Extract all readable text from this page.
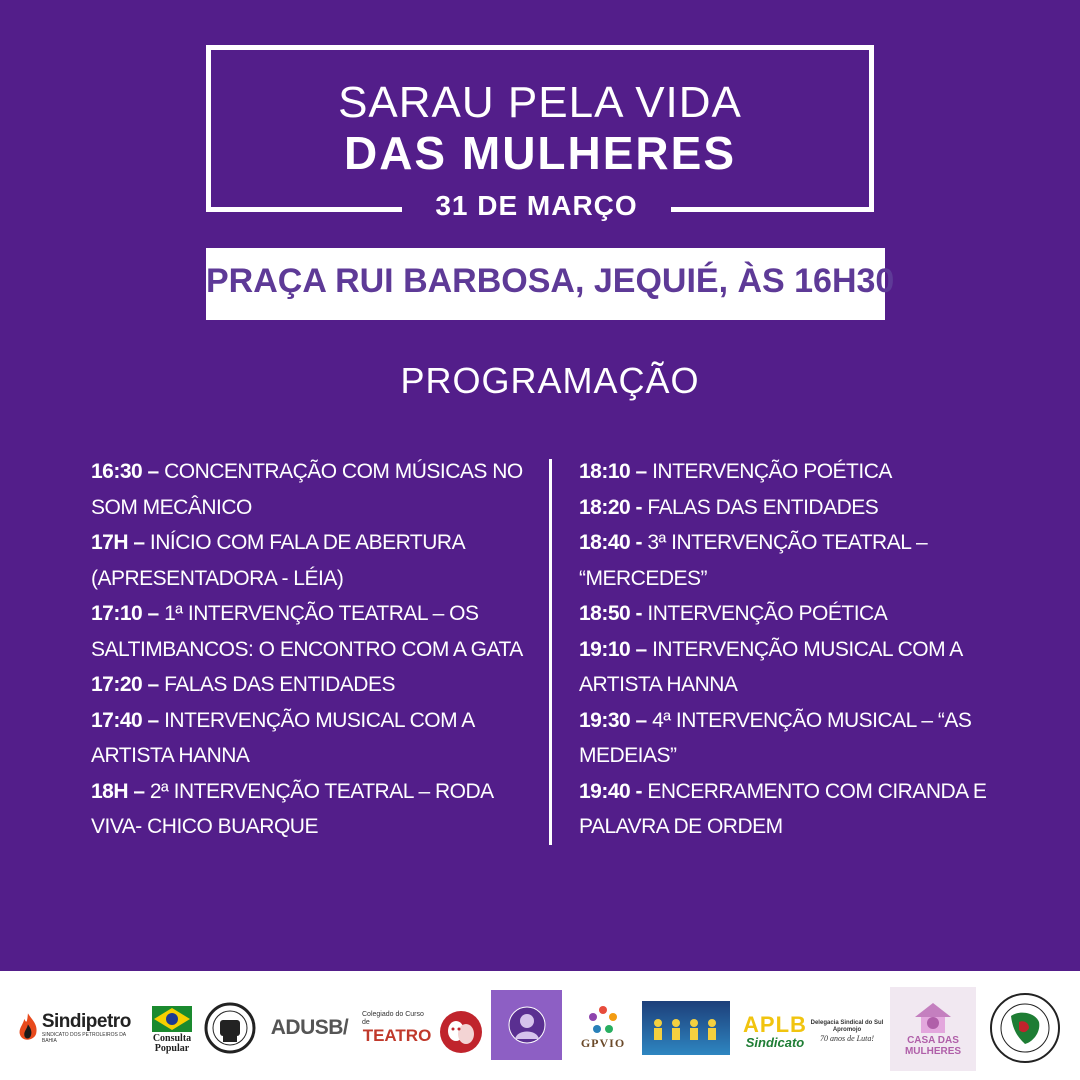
SARAU PELA VIDA
DAS MULHERES
31 DE MARÇO
PRAÇA RUI BARBOSA, JEQUIÉ, ÀS 16H30
PROGRAMAÇÃO

16:30 – CONCENTRAÇÃO COM MÚSICAS NO SOM MECÂNICO

17H – INÍCIO COM FALA DE ABERTURA (APRESENTADORA - LÉIA)

17:10 – 1ª INTERVENÇÃO TEATRAL – OS SALTIMBANCOS: O ENCONTRO COM A GATA

17:20 – FALAS DAS ENTIDADES

17:40 – INTERVENÇÃO MUSICAL COM A ARTISTA HANNA

18H – 2ª INTERVENÇÃO TEATRAL – RODA VIVA- CHICO BUARQUE

18:10 – INTERVENÇÃO POÉTICA

18:20 - FALAS DAS ENTIDADES

18:40 - 3ª INTERVENÇÃO TEATRAL – “MERCEDES”

18:50 - INTERVENÇÃO POÉTICA

19:10 – INTERVENÇÃO MUSICAL COM A ARTISTA HANNA

19:30 – 4ª INTERVENÇÃO MUSICAL – “AS MEDEIAS”

19:40 - ENCERRAMENTO COM CIRANDA E PALAVRA DE ORDEM

Sindipetro
SINDICATO DOS PETROLEIROS DA BAHIA	Consulta Popular
ADUSB/
Colegiado do Curso de
TEATRO	GPVIO
APLB
Sindicato
Delegacia Sindical do Sul Apromojo
70 anos de Luta!	CASA DAS MULHERES
